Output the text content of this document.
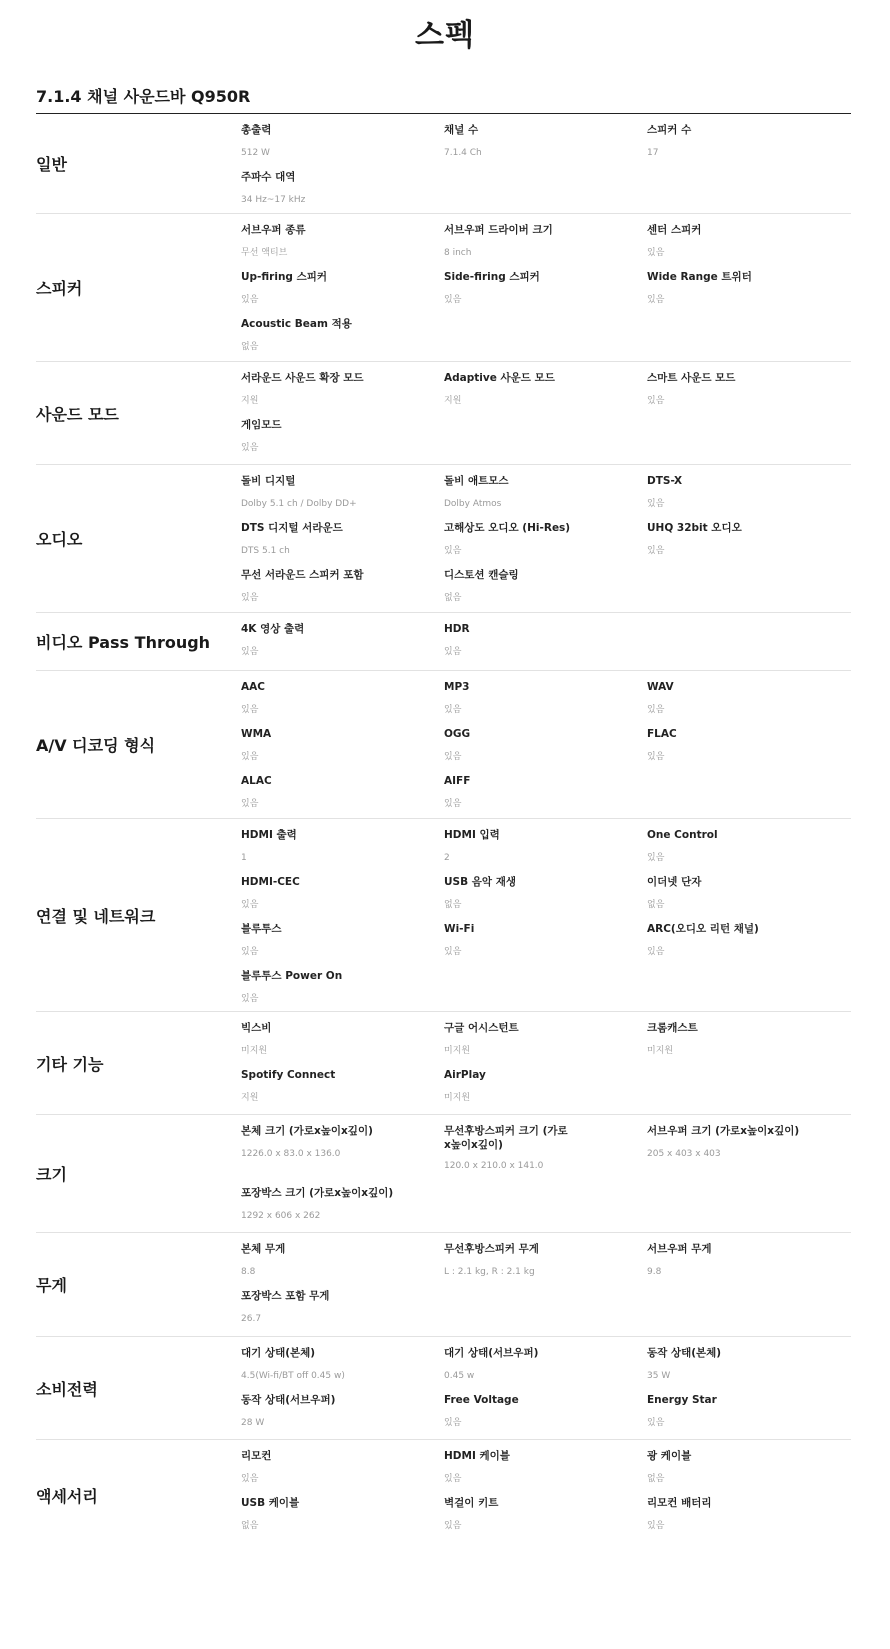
스펙
7.1.4 채널 사운드바 Q950R
일반
총출력
512 W
채널 수
7.1.4 Ch
스피커 수
17
주파수 대역
34 Hz~17 kHz
스피커
서브우퍼 종류
무선 액티브
서브우퍼 드라이버 크기
8 inch
센터 스피커
있음
Up-firing 스피커
있음
Side-firing 스피커
있음
Wide Range 트위터
있음
Acoustic Beam 적용
없음
사운드 모드
서라운드 사운드 확장 모드
지원
Adaptive 사운드 모드
지원
스마트 사운드 모드
있음
게임모드
있음
오디오
돌비 디지털
Dolby 5.1 ch / Dolby DD+
돌비 애트모스
Dolby Atmos
DTS-X
있음
DTS 디지털 서라운드
DTS 5.1 ch
고해상도 오디오 (Hi-Res)
있음
UHQ 32bit 오디오
있음
무선 서라운드 스피커 포함
있음
디스토션 캔슬링
없음
비디오 Pass Through
4K 영상 출력
있음
HDR
있음
A/V 디코딩 형식
AAC
있음
MP3
있음
WAV
있음
WMA
있음
OGG
있음
FLAC
있음
ALAC
있음
AIFF
있음
연결 및 네트워크
HDMI 출력
1
HDMI 입력
2
One Control
있음
HDMI-CEC
있음
USB 음악 재생
없음
이더넷 단자
없음
블루투스
있음
Wi-Fi
있음
ARC(오디오 리턴 채널)
있음
블루투스 Power On
있음
기타 기능
빅스비
미지원
구글 어시스턴트
미지원
크롬캐스트
미지원
Spotify Connect
지원
AirPlay
미지원
크기
본체 크기 (가로x높이x깊이)
1226.0 x 83.0 x 136.0
무선후방스피커 크기 (가로x높이x깊이)
120.0 x 210.0 x 141.0
서브우퍼 크기 (가로x높이x깊이)
205 x 403 x 403
포장박스 크기 (가로x높이x깊이)
1292 x 606 x 262
무게
본체 무게
8.8
무선후방스피커 무게
L : 2.1 kg, R : 2.1 kg
서브우퍼 무게
9.8
포장박스 포함 무게
26.7
소비전력
대기 상태(본체)
4.5(Wi-fi/BT off 0.45 w)
대기 상태(서브우퍼)
0.45 w
동작 상태(본체)
35 W
동작 상태(서브우퍼)
28 W
Free Voltage
있음
Energy Star
있음
액세서리
리모컨
있음
HDMI 케이블
있음
광 케이블
없음
USB 케이블
없음
벽걸이 키트
있음
리모컨 배터리
있음
